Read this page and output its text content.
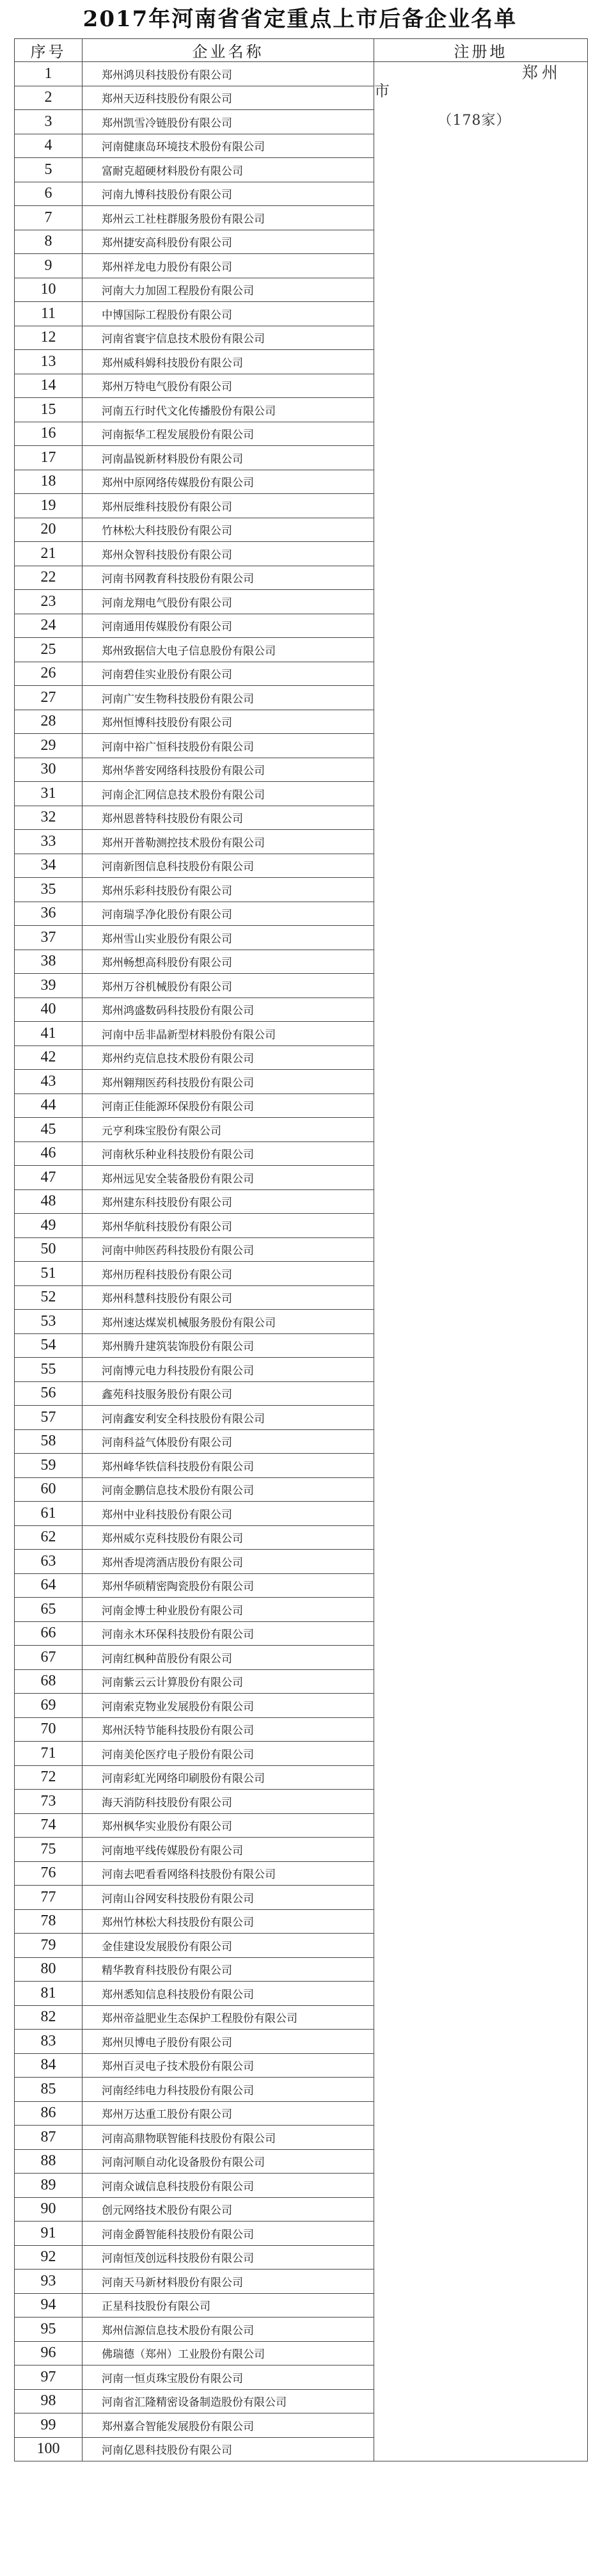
2017年河南省省定重点上市后备企业名单
序号	企业名称	注册地
1	郑州鸿贝科技股份有限公司	郑州
市
（178家）

2	郑州天迈科技股份有限公司	
3	郑州凯雪冷链股份有限公司	
4	河南健康岛环境技术股份有限公司	
5	富耐克超硬材料股份有限公司	
6	河南九博科技股份有限公司	
7	郑州云工社柱群服务股份有限公司	
8	郑州捷安高科股份有限公司	
9	郑州祥龙电力股份有限公司	
10	河南大力加固工程股份有限公司	
11	中博国际工程股份有限公司	
12	河南省寰宇信息技术股份有限公司	
13	郑州威科姆科技股份有限公司	
14	郑州万特电气股份有限公司	
15	河南五行时代文化传播股份有限公司	
16	河南振华工程发展股份有限公司	
17	河南晶锐新材料股份有限公司	
18	郑州中原网络传媒股份有限公司	
19	郑州辰维科技股份有限公司	
20	竹林松大科技股份有限公司	
21	郑州众智科技股份有限公司	
22	河南书网教育科技股份有限公司	
23	河南龙翔电气股份有限公司	
24	河南通用传媒股份有限公司	
25	郑州致据信大电子信息股份有限公司	
26	河南碧佳实业股份有限公司	
27	河南广安生物科技股份有限公司	
28	郑州恒博科技股份有限公司	
29	河南中裕广恒科技股份有限公司	
30	郑州华普安网络科技股份有限公司	
31	河南企汇网信息技术股份有限公司	
32	郑州恩普特科技股份有限公司	
33	郑州开普勒测控技术股份有限公司	
34	河南新图信息科技股份有限公司	
35	郑州乐彩科技股份有限公司	
36	河南瑞孚净化股份有限公司	
37	郑州雪山实业股份有限公司	
38	郑州畅想高科股份有限公司	
39	郑州万谷机械股份有限公司	
40	郑州鸿盛数码科技股份有限公司	
41	河南中岳非晶新型材料股份有限公司	
42	郑州约克信息技术股份有限公司	
43	郑州翱翔医药科技股份有限公司	
44	河南正佳能源环保股份有限公司	
45	元亨利珠宝股份有限公司	
46	河南秋乐种业科技股份有限公司	
47	郑州远见安全装备股份有限公司	
48	郑州建东科技股份有限公司	
49	郑州华航科技股份有限公司	
50	河南中帅医药科技股份有限公司	
51	郑州历程科技股份有限公司	
52	郑州科慧科技股份有限公司	
53	郑州速达煤炭机械服务股份有限公司	
54	郑州腾升建筑装饰股份有限公司	
55	河南博元电力科技股份有限公司	
56	鑫苑科技服务股份有限公司	
57	河南鑫安利安全科技股份有限公司	
58	河南科益气体股份有限公司	
59	郑州峰华铁信科技股份有限公司	
60	河南金鹏信息技术股份有限公司	
61	郑州中业科技股份有限公司	
62	郑州威尔克科技股份有限公司	
63	郑州香堤湾酒店股份有限公司	
64	郑州华硕精密陶瓷股份有限公司	
65	河南金博士种业股份有限公司	
66	河南永木环保科技股份有限公司	
67	河南红枫种苗股份有限公司	
68	河南紫云云计算股份有限公司	
69	河南索克物业发展股份有限公司	
70	郑州沃特节能科技股份有限公司	
71	河南美伦医疗电子股份有限公司	
72	河南彩虹光网络印刷股份有限公司	
73	海天消防科技股份有限公司	
74	郑州枫华实业股份有限公司	
75	河南地平线传媒股份有限公司	
76	河南去吧看看网络科技股份有限公司	
77	河南山谷网安科技股份有限公司	
78	郑州竹林松大科技股份有限公司	
79	金佳建设发展股份有限公司	
80	精华教育科技股份有限公司	
81	郑州悉知信息科技股份有限公司	
82	郑州帝益肥业生态保护工程股份有限公司	
83	郑州贝博电子股份有限公司	
84	郑州百灵电子技术股份有限公司	
85	河南经纬电力科技股份有限公司	
86	郑州万达重工股份有限公司	
87	河南高鼎物联智能科技股份有限公司	
88	河南河顺自动化设备股份有限公司	
89	河南众诚信息科技股份有限公司	
90	创元网络技术股份有限公司	
91	河南金爵智能科技股份有限公司	
92	河南恒茂创远科技股份有限公司	
93	河南天马新材料股份有限公司	
94	正星科技股份有限公司	
95	郑州信源信息技术股份有限公司	
96	佛瑞德（郑州）工业股份有限公司	
97	河南一恒贞珠宝股份有限公司	
98	河南省汇隆精密设备制造股份有限公司	
99	郑州嘉合智能发展股份有限公司	
100	河南亿恩科技股份有限公司	
